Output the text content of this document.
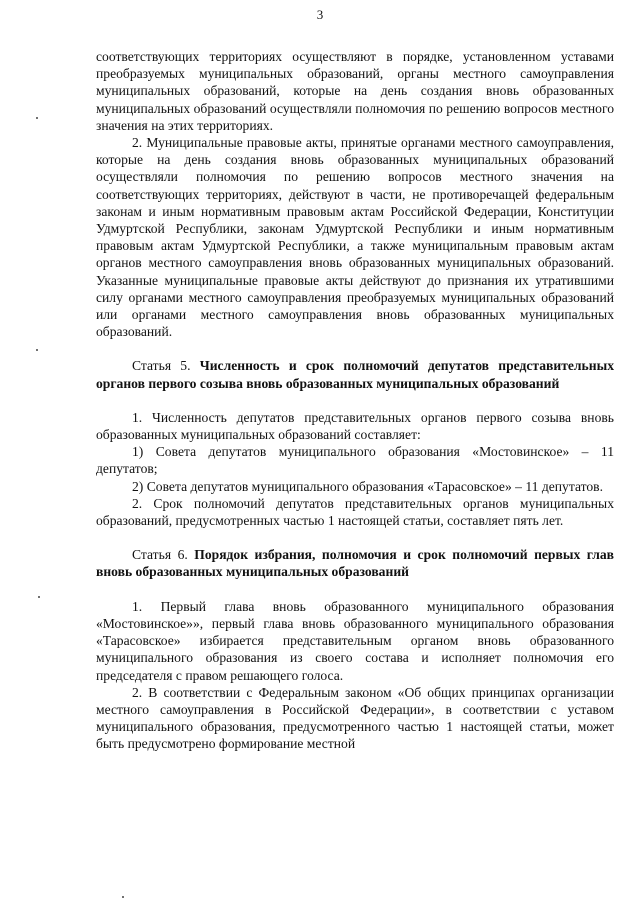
3

соответствующих территориях осуществляют в порядке, установленном уставами преобразуемых муниципальных образований, органы местного самоуправления муниципальных образований, которые на день создания вновь образованных муниципальных образований осуществляли полномочия по решению вопросов местного значения на этих территориях.

2. Муниципальные правовые акты, принятые органами местного самоуправления, которые на день создания вновь образованных муниципальных образований осуществляли полномочия по решению вопросов местного значения на соответствующих территориях, действуют в части, не противоречащей федеральным законам и иным нормативным правовым актам Российской Федерации, Конституции Удмуртской Республики, законам Удмуртской Республики и иным нормативным правовым актам Удмуртской Республики, а также муниципальным правовым актам органов местного самоуправления вновь образованных муниципальных образований. Указанные муниципальные правовые акты действуют до признания их утратившими силу органами местного самоуправления преобразуемых муниципальных образований или органами местного самоуправления вновь образованных муниципальных образований.

Статья 5. Численность и срок полномочий депутатов представительных органов первого созыва вновь образованных муниципальных образований

1. Численность депутатов представительных органов первого созыва вновь образованных муниципальных образований составляет:

1) Совета депутатов муниципального образования «Мостовинское» – 11 депутатов;

2) Совета депутатов муниципального образования «Тарасовское» – 11 депутатов.

2. Срок полномочий депутатов представительных органов муниципальных образований, предусмотренных частью 1 настоящей статьи, составляет пять лет.

Статья 6. Порядок избрания, полномочия и срок полномочий первых глав вновь образованных муниципальных образований

1. Первый глава вновь образованного муниципального образования «Мостовинское»», первый глава вновь образованного муниципального образования «Тарасовское» избирается представительным органом вновь образованного муниципального образования из своего состава и исполняет полномочия его председателя с правом решающего голоса.

2. В соответствии с Федеральным законом «Об общих принципах организации местного самоуправления в Российской Федерации», в соответствии с уставом муниципального образования, предусмотренного частью 1 настоящей статьи, может быть предусмотрено формирование местной
